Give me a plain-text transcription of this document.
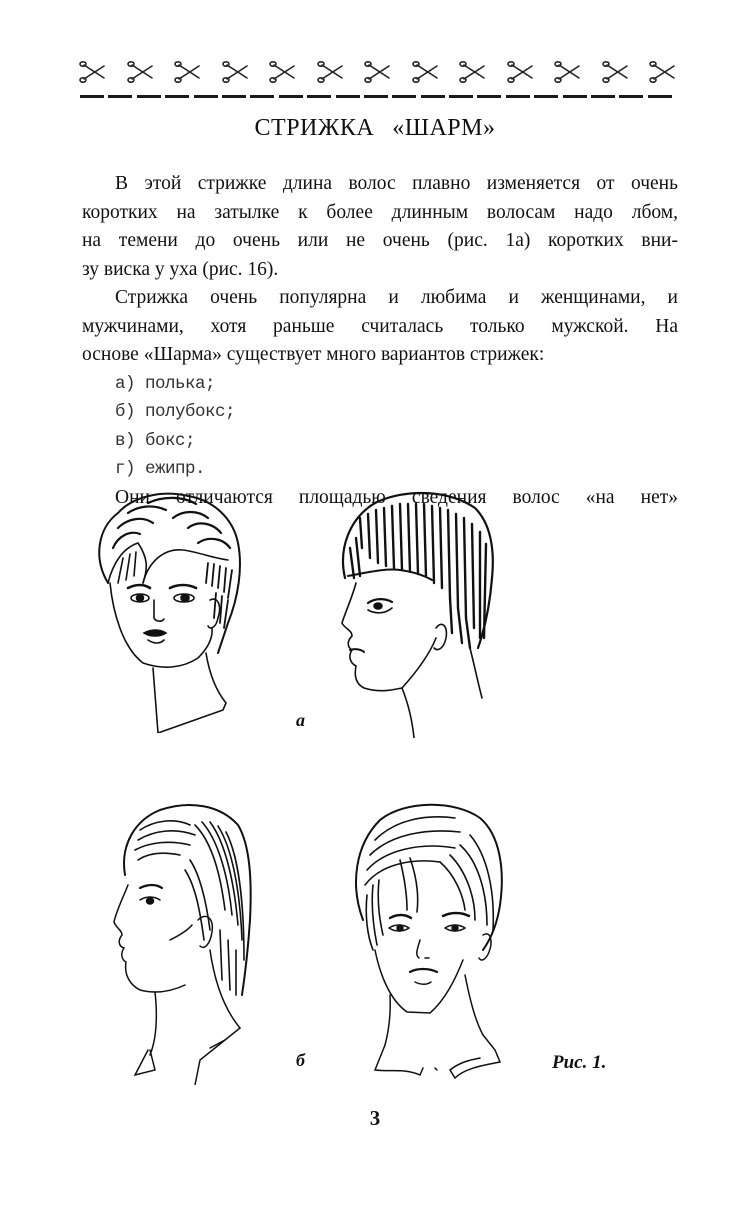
СТРИЖКА «ШАРМ»

В этой стрижке длина волос плавно изменяется от очень
коротких на затылке к более длинным волосам надо лбом,
на темени до очень или не очень (рис. 1а) коротких вни-
зу виска у уха (рис. 16).

Стрижка очень популярна и любима и женщинами, и
мужчинами, хотя раньше считалась только мужской. На
основе «Шарма» существует много вариантов стрижек:

а) полька;
б) полубокс;
в) бокс;
г) ежипр.

Они отличаются площадью сведения волос «на нет»

а
б	Рис. 1.
3
